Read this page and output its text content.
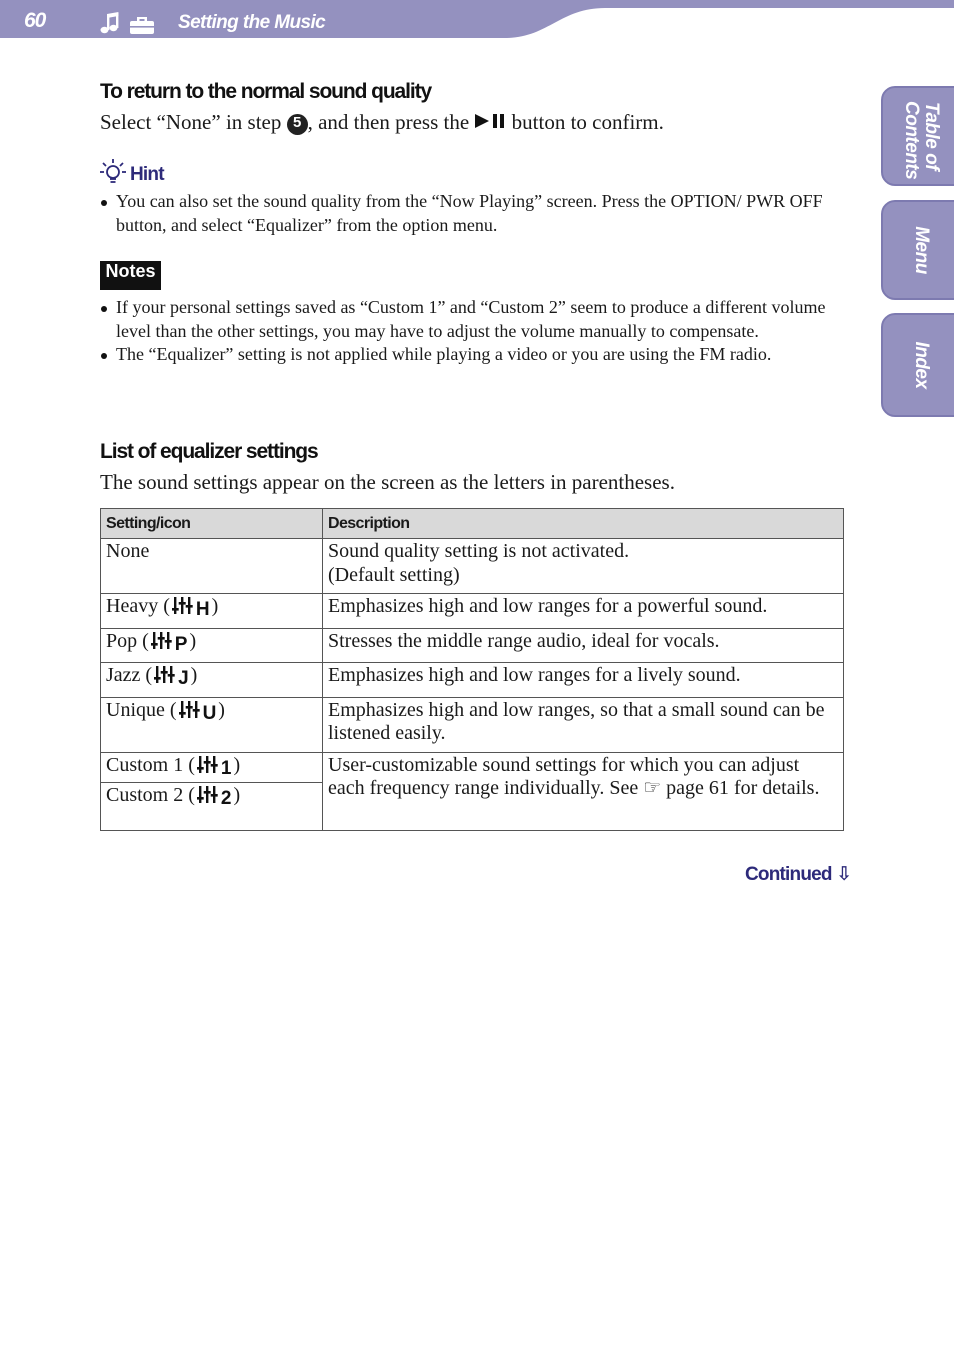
60	Setting the Music
Table of Contents
Menu
Index
To return to the normal sound quality

Select “None” in step 5 , and then press the  button to confirm.

Hint
You can also set the sound quality from the “Now Playing” screen. Press the OPTION/ PWR OFF button, and select “Equalizer” from the option menu.
Notes
If your personal settings saved as “Custom 1” and “Custom 2” seem to produce a different volume level than the other settings, you may have to adjust the volume manually to compensate.
The “Equalizer” setting is not applied while playing a video or you are using the FM radio.
List of equalizer settings

The sound settings appear on the screen as the letters in parentheses.

Setting/icon	Description
None	Sound quality setting is not activated.
(Default setting)
Heavy ( H )	Emphasizes high and low ranges for a powerful sound.
Pop ( P )	Stresses the middle range audio, ideal for vocals.
Jazz ( J )	Emphasizes high and low ranges for a lively sound.
Unique ( U )	Emphasizes high and low ranges, so that a small sound can be listened easily.
Custom 1 ( 1 )	User-customizable sound settings for which you can adjust each frequency range individually. See ☞ page 61 for details.
Custom 2 ( 2 )	
Continued ⇩
